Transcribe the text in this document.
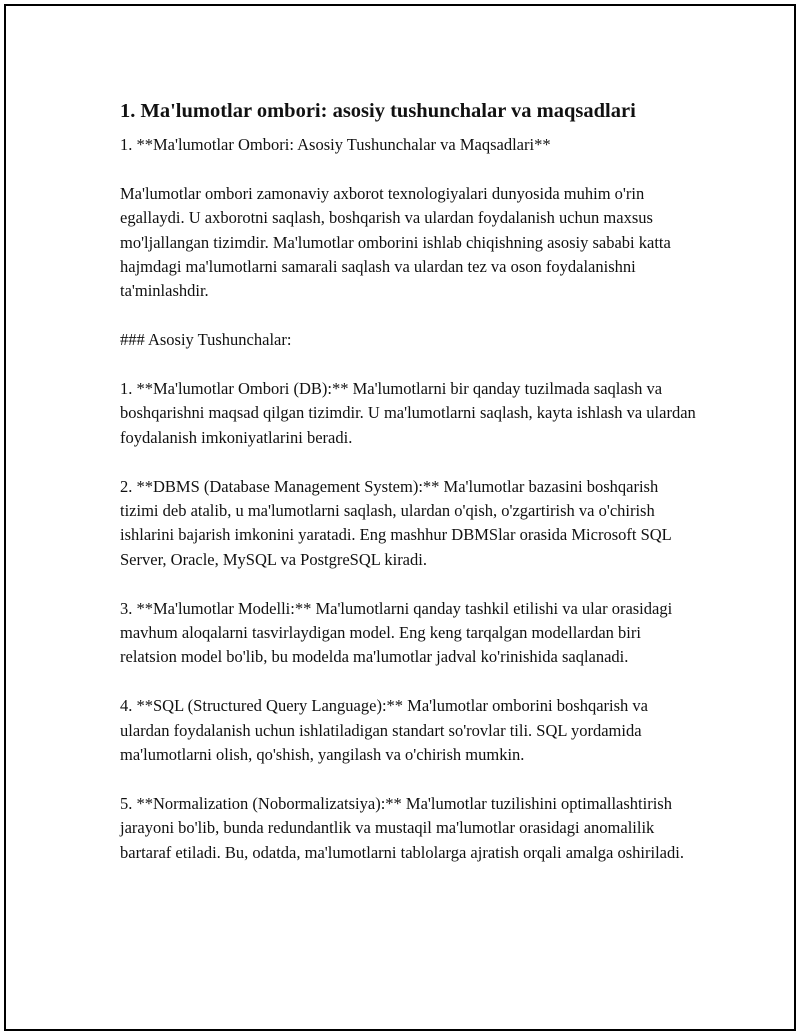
1. Ma'lumotlar ombori: asosiy tushunchalar va maqsadlari

1. **Ma'lumotlar Ombori: Asosiy Tushunchalar va Maqsadlari**

Ma'lumotlar ombori zamonaviy axborot texnologiyalari dunyosida muhim o'rin egallaydi. U axborotni saqlash, boshqarish va ulardan foydalanish uchun maxsus mo'ljallangan tizimdir. Ma'lumotlar omborini ishlab chiqishning asosiy sababi katta hajmdagi ma'lumotlarni samarali saqlash va ulardan tez va oson foydalanishni ta'minlashdir.

### Asosiy Tushunchalar:

1. **Ma'lumotlar Ombori (DB):** Ma'lumotlarni bir qanday tuzilmada saqlash va boshqarishni maqsad qilgan tizimdir. U ma'lumotlarni saqlash, kayta ishlash va ulardan foydalanish imkoniyatlarini beradi.

2. **DBMS (Database Management System):** Ma'lumotlar bazasini boshqarish tizimi deb atalib, u ma'lumotlarni saqlash, ulardan o'qish, o'zgartirish va o'chirish ishlarini bajarish imkonini yaratadi. Eng mashhur DBMSlar orasida Microsoft SQL Server, Oracle, MySQL va PostgreSQL kiradi.

3. **Ma'lumotlar Modelli:** Ma'lumotlarni qanday tashkil etilishi va ular orasidagi mavhum aloqalarni tasvirlaydigan model. Eng keng tarqalgan modellardan biri relatsion model bo'lib, bu modelda ma'lumotlar jadval ko'rinishida saqlanadi.

4. **SQL (Structured Query Language):** Ma'lumotlar omborini boshqarish va ulardan foydalanish uchun ishlatiladigan standart so'rovlar tili. SQL yordamida ma'lumotlarni olish, qo'shish, yangilash va o'chirish mumkin.

5. **Normalization (Nobormalizatsiya):** Ma'lumotlar tuzilishini optimallashtirish jarayoni bo'lib, bunda redundantlik va mustaqil ma'lumotlar orasidagi anomalilik bartaraf etiladi. Bu, odatda, ma'lumotlarni tablolarga ajratish orqali amalga oshiriladi.
